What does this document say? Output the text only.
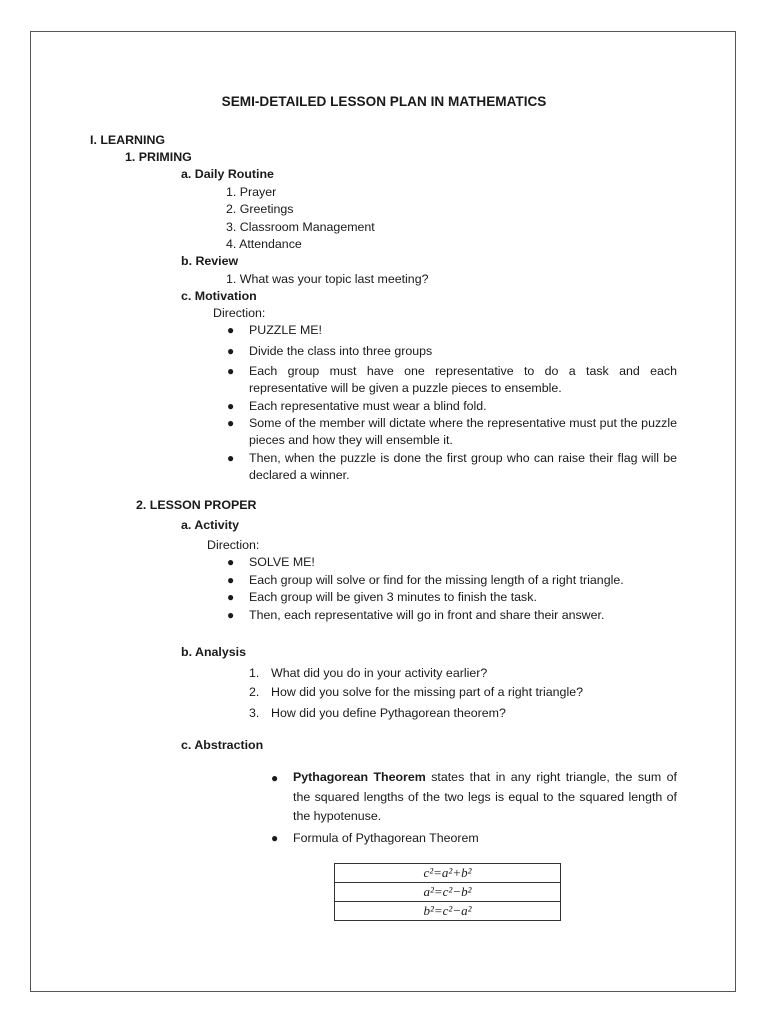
SEMI-DETAILED LESSON PLAN IN MATHEMATICS
I. LEARNING
1. PRIMING
a. Daily Routine
1. Prayer
2. Greetings
3. Classroom Management
4. Attendance
b. Review
1. What was your topic last meeting?
c. Motivation
Direction:
● PUZZLE ME!
● Divide the class into three groups
● Each group must have one representative to do a task and each representative will be given a puzzle pieces to ensemble.
● Each representative must wear a blind fold.
● Some of the member will dictate where the representative must put the puzzle pieces and how they will ensemble it.
● Then, when the puzzle is done the first group who can raise their flag will be declared a winner.
2. LESSON PROPER
a. Activity
Direction:
● SOLVE ME!
● Each group will solve or find for the missing length of a right triangle.
● Each group will be given 3 minutes to finish the task.
● Then, each representative will go in front and share their answer.
b. Analysis
1. What did you do in your activity earlier?
2. How did you solve for the missing part of a right triangle?
3. How did you define Pythagorean theorem?
c. Abstraction
● Pythagorean Theorem states that in any right triangle, the sum of the squared lengths of the two legs is equal to the squared length of the hypotenuse.
● Formula of Pythagorean Theorem
c²=a²+b²
a²=c²−b²
b²=c²−a²
